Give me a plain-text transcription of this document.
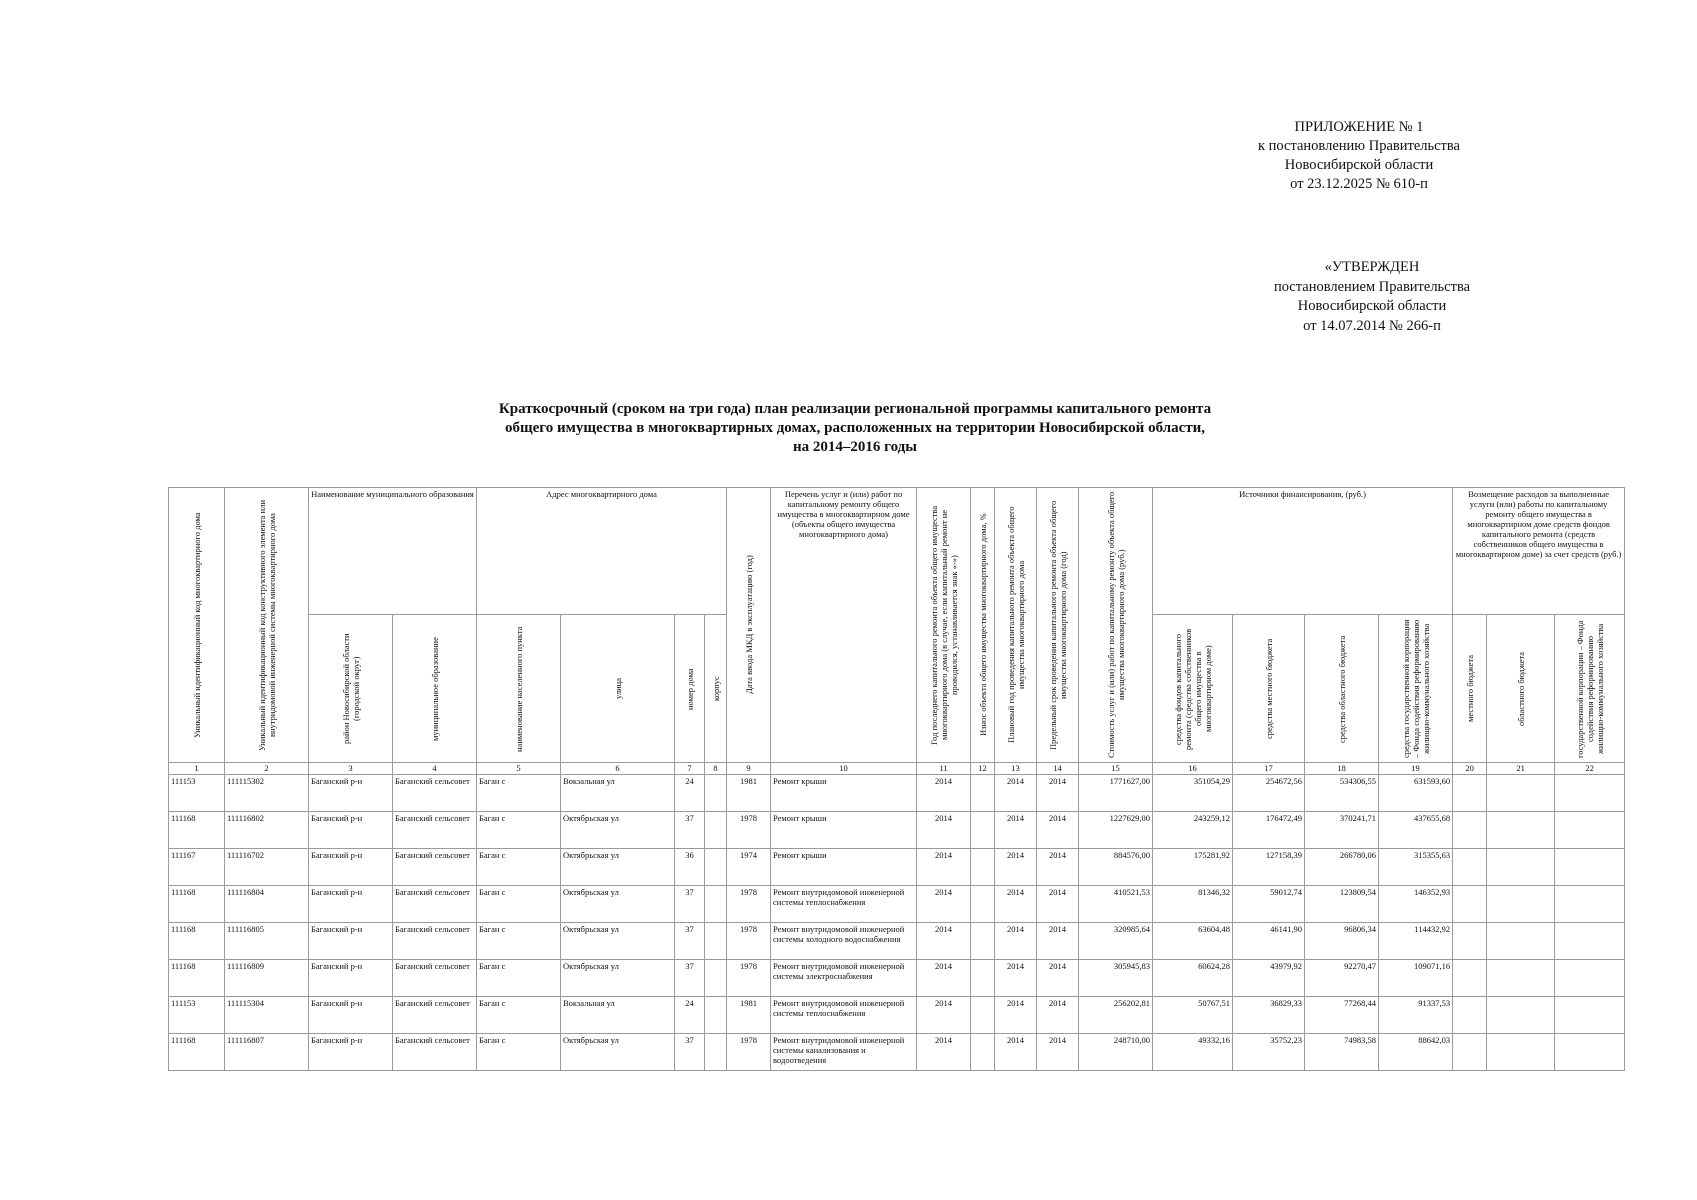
ПРИЛОЖЕНИЕ № 1
к постановлению Правительства
Новосибирской области
от 23.12.2025 № 610-п
«УТВЕРЖДЕН
постановлением Правительства
Новосибирской области
от 14.07.2014 № 266-п
Краткосрочный (сроком на три года) план реализации региональной программы капитального ремонта
общего имущества в многоквартирных домах, расположенных на территории Новосибирской области,
на 2014–2016 годы
Уникальный идентификационный код многоквартирного дома	Уникальный идентификационный код конструктивного элемента или внутридомовой инженерной системы многоквартирного дома	Наименование муниципального образования		Адрес многоквартирного дома				Дата ввода МКД в эксплуатацию (год)	Перечень услуг и (или) работ по капитальному ремонту общего имущества в многоквартирном доме (объекты общего имущества многоквартирного дома)	Год последнего капитального ремонта объекта общего имущества многоквартирного дома (в случае, если капитальный ремонт не проводился, устанавливается знак «-»)	Износ объекта общего имущества многоквартирного дома, %	Плановый год проведения капитального ремонта объекта общего имущества многоквартирного дома	Предельный срок проведения капитального ремонта объекта общего имущества многоквартирного дома (год)	Стоимость услуг и (или) работ по капитальному ремонту объекта общего имущества многоквартирного дома (руб.)	Источники финансирования, (руб.)				Возмещение расходов за выполненные услуги (или) работы по капитальному ремонту общего имущества в многоквартирном доме средств фондов капитального ремонта (средств собственников общего имущества в многоквартирном доме) за счет средств (руб.)		

		район Новосибирской области (городской округ)	муниципальное образование	наименование населенного пункта	улица	номер дома	корпус								средства фондов капитального ремонта (средства собственников общего имущества в многоквартирном доме)	средства местного бюджета	средства областного бюджета	средства государственной корпорации – Фонда содействия реформированию жилищно-коммунального хозяйства	местного бюджета	областного бюджета	государственной корпорации – Фонда содействия реформированию жилищно-коммунального хозяйства

1	2	3	4	5	6	7	8	9	10	11	12	13	14	15	16	17	18	19	20	21	22
111153	111115302	Баганский р-н	Баганский сельсовет	Баган с	Вокзальная ул	24		1981	Ремонт крыши	2014		2014	2014	1771627,00	351054,29	254672,56	534306,55	631593,60			
111168	111116802	Баганский р-н	Баганский сельсовет	Баган с	Октябрьская ул	37		1978	Ремонт крыши	2014		2014	2014	1227629,00	243259,12	176472,49	370241,71	437655,68			
111167	111116702	Баганский р-н	Баганский сельсовет	Баган с	Октябрьская ул	36		1974	Ремонт крыши	2014		2014	2014	884576,00	175281,92	127158,39	266780,06	315355,63			
111168	111116804	Баганский р-н	Баганский сельсовет	Баган с	Октябрьская ул	37		1978	Ремонт внутридомовой инженерной системы теплоснабжения	2014		2014	2014	410521,53	81346,32	59012,74	123809,54	146352,93			
111168	111116805	Баганский р-н	Баганский сельсовет	Баган с	Октябрьская ул	37		1978	Ремонт внутридомовой инженерной системы холодного водоснабжения	2014		2014	2014	320985,64	63604,48	46141,90	96806,34	114432,92			
111168	111116809	Баганский р-н	Баганский сельсовет	Баган с	Октябрьская ул	37		1978	Ремонт внутридомовой инженерной системы электроснабжения	2014		2014	2014	305945,83	60624,28	43979,92	92270,47	109071,16			
111153	111115304	Баганский р-н	Баганский сельсовет	Баган с	Вокзальная ул	24		1981	Ремонт внутридомовой инженерной системы теплоснабжения	2014		2014	2014	256202,81	50767,51	36829,33	77268,44	91337,53			
111168	111116807	Баганский р-н	Баганский сельсовет	Баган с	Октябрьская ул	37		1978	Ремонт внутридомовой инженерной системы канализования и водоотведения	2014		2014	2014	248710,00	49332,16	35752,23	74983,58	88642,03			
